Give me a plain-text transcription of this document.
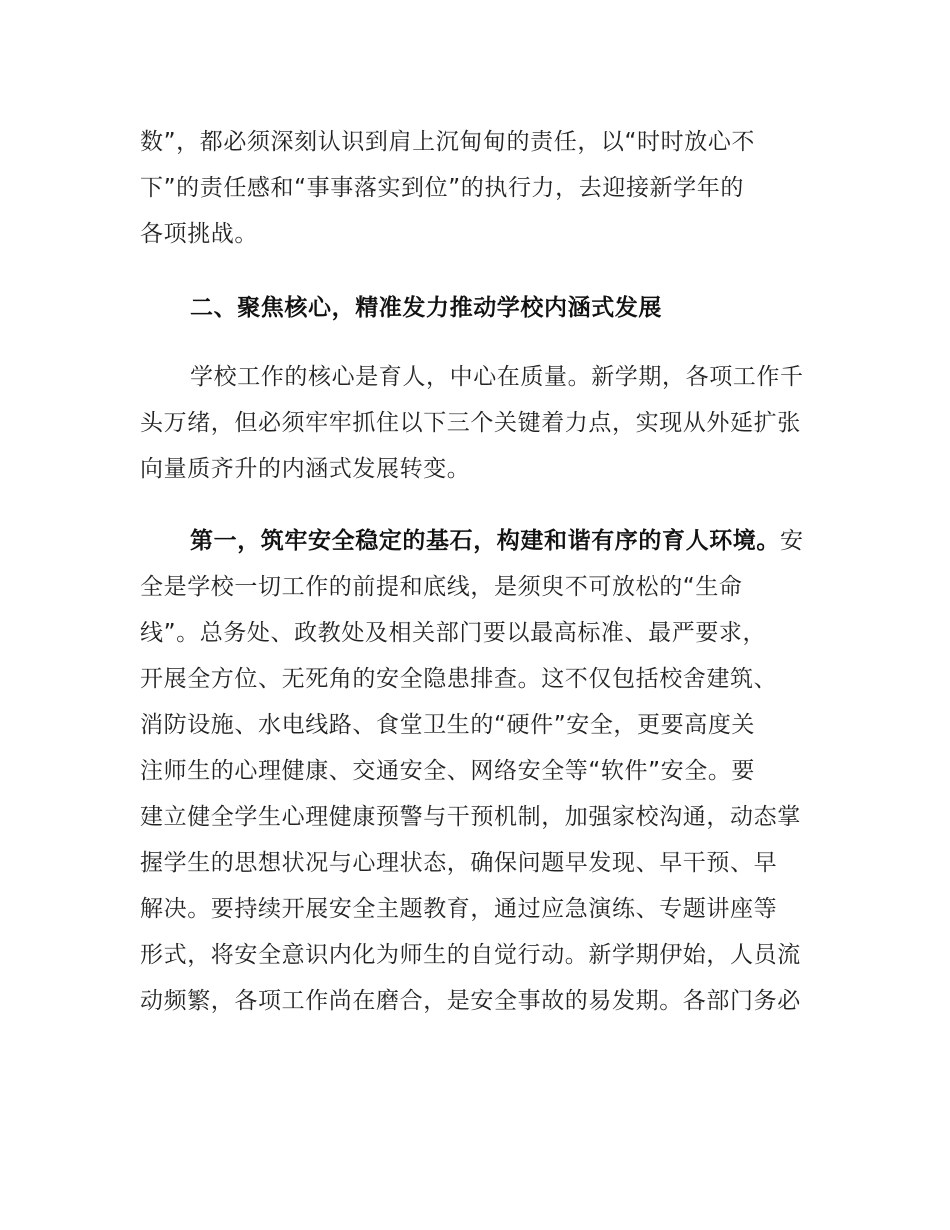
数”，都必须深刻认识到肩上沉甸甸的责任，以“时时放心不
下”的责任感和“事事落实到位”的执行力，去迎接新学年的
各项挑战。
二、聚焦核心，精准发力推动学校内涵式发展
学校工作的核心是育人，中心在质量。新学期，各项工作千
头万绪，但必须牢牢抓住以下三个关键着力点，实现从外延扩张
向量质齐升的内涵式发展转变。
第一，筑牢安全稳定的基石，构建和谐有序的育人环境。安
全是学校一切工作的前提和底线，是须臾不可放松的“生命
线”。总务处、政教处及相关部门要以最高标准、最严要求，
开展全方位、无死角的安全隐患排查。这不仅包括校舍建筑、
消防设施、水电线路、食堂卫生的“硬件”安全，更要高度关
注师生的心理健康、交通安全、网络安全等“软件”安全。要
建立健全学生心理健康预警与干预机制，加强家校沟通，动态掌
握学生的思想状况与心理状态，确保问题早发现、早干预、早
解决。要持续开展安全主题教育，通过应急演练、专题讲座等
形式，将安全意识内化为师生的自觉行动。新学期伊始，人员流
动频繁，各项工作尚在磨合，是安全事故的易发期。各部门务必
